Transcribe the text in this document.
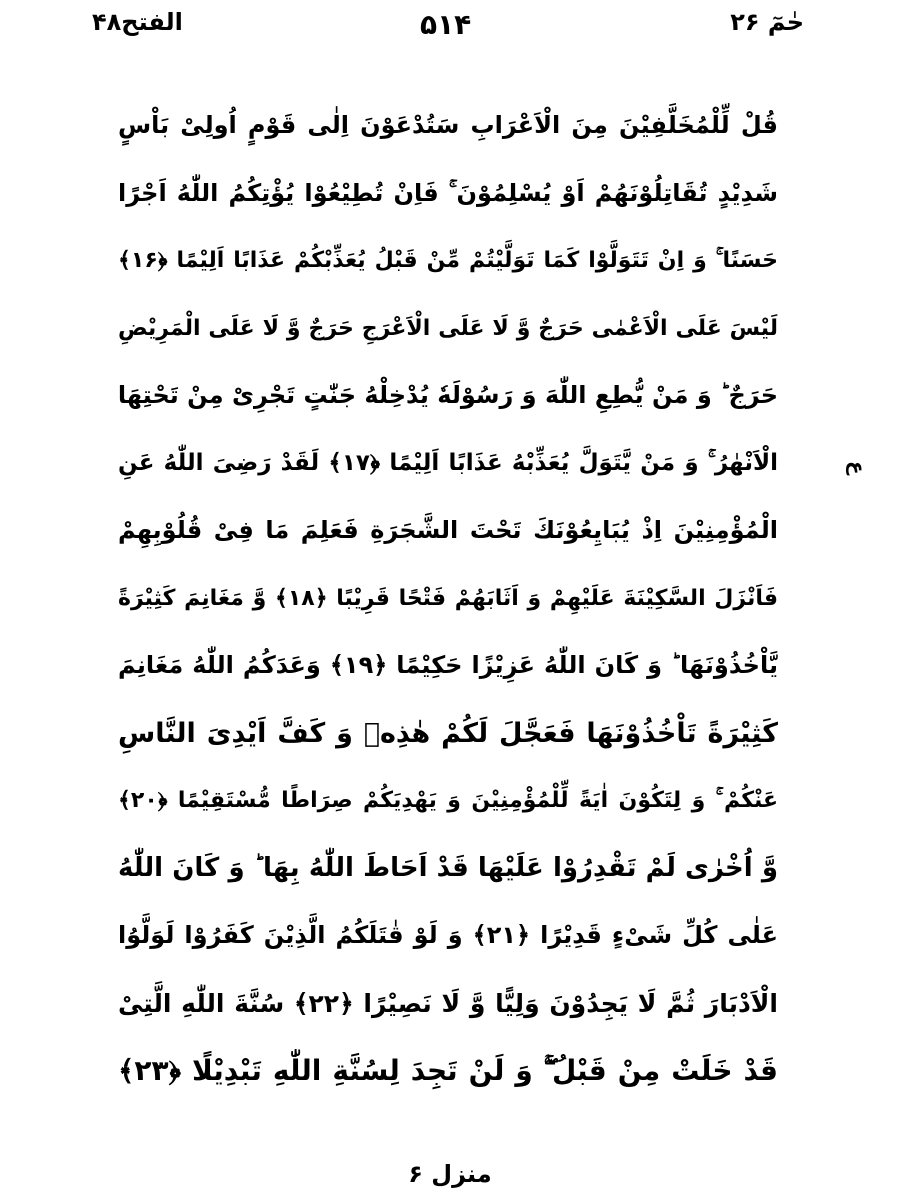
الفتح۴۸	۵۱۴	حٰمٓ ۲۶
قُلْ لِّلْمُخَلَّفِیْنَ مِنَ الْاَعْرَابِ سَتُدْعَوْنَ اِلٰى قَوْمٍ اُولِیْ بَاْسٍ
شَدِیْدٍ تُقَاتِلُوْنَهُمْ اَوْ یُسْلِمُوْنَ ۚ فَاِنْ تُطِیْعُوْا یُؤْتِكُمُ اللّٰهُ اَجْرًا
حَسَنًا ۚ وَ اِنْ تَتَوَلَّوْا كَمَا تَوَلَّیْتُمْ مِّنْ قَبْلُ یُعَذِّبْكُمْ عَذَابًا اَلِیْمًا ﴿۱۶﴾
لَیْسَ عَلَى الْاَعْمٰى حَرَجٌ وَّ لَا عَلَى الْاَعْرَجِ حَرَجٌ وَّ لَا عَلَى الْمَرِیْضِ
حَرَجٌ ؕ وَ مَنْ یُّطِعِ اللّٰهَ وَ رَسُوْلَهٗ یُدْخِلْهُ جَنّٰتٍ تَجْرِیْ مِنْ تَحْتِهَا
الْاَنْهٰرُ ۚ وَ مَنْ یَّتَوَلَّ یُعَذِّبْهُ عَذَابًا اَلِیْمًا ﴿۱۷﴾ لَقَدْ رَضِیَ اللّٰهُ عَنِ
الْمُؤْمِنِیْنَ اِذْ یُبَایِعُوْنَكَ تَحْتَ الشَّجَرَةِ فَعَلِمَ مَا فِیْ قُلُوْبِهِمْ
فَاَنْزَلَ السَّكِیْنَةَ عَلَیْهِمْ وَ اَثَابَهُمْ فَتْحًا قَرِیْبًا ﴿۱۸﴾ وَّ مَغَانِمَ كَثِیْرَةً
یَّاْخُذُوْنَهَا ؕ وَ كَانَ اللّٰهُ عَزِیْزًا حَكِیْمًا ﴿۱۹﴾ وَعَدَكُمُ اللّٰهُ مَغَانِمَ
كَثِیْرَةً تَاْخُذُوْنَهَا فَعَجَّلَ لَكُمْ هٰذِهٖ وَ كَفَّ اَیْدِیَ النَّاسِ
عَنْكُمْ ۚ وَ لِتَكُوْنَ اٰیَةً لِّلْمُؤْمِنِیْنَ وَ یَهْدِیَكُمْ صِرَاطًا مُّسْتَقِیْمًا ﴿۲۰﴾
وَّ اُخْرٰى لَمْ تَقْدِرُوْا عَلَیْهَا قَدْ اَحَاطَ اللّٰهُ بِهَا ؕ وَ كَانَ اللّٰهُ
عَلٰى كُلِّ شَیْءٍ قَدِیْرًا ﴿۲۱﴾ وَ لَوْ قٰتَلَكُمُ الَّذِیْنَ كَفَرُوْا لَوَلَّوُا
الْاَدْبَارَ ثُمَّ لَا یَجِدُوْنَ وَلِیًّا وَّ لَا نَصِیْرًا ﴿۲۲﴾ سُنَّةَ اللّٰهِ الَّتِیْ
قَدْ خَلَتْ مِنْ قَبْلُ ۖۚ وَ لَنْ تَجِدَ لِسُنَّةِ اللّٰهِ تَبْدِیْلًا ﴿۲۳﴾
ع
منزل ۶
